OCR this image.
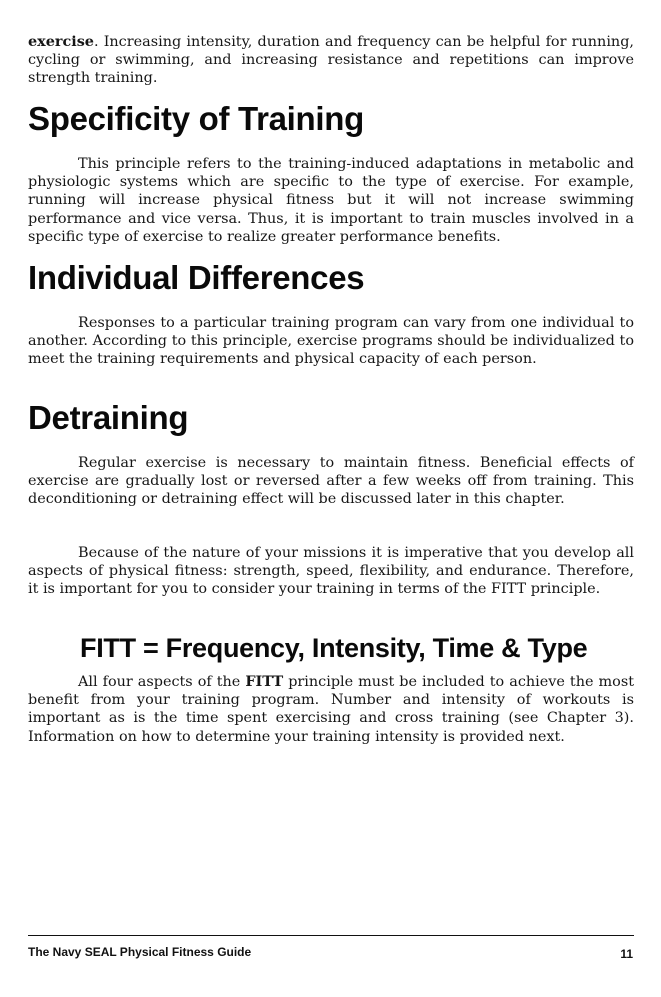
exercise. Increasing intensity, duration and frequency can be helpful for running, cycling or swimming, and increasing resistance and repetitions can improve strength training.

Specificity of Training

This principle refers to the training-induced adaptations in metabolic and physiologic systems which are specific to the type of exercise. For example, running will increase physical fitness but it will not increase swimming performance and vice versa. Thus, it is important to train muscles involved in a specific type of exercise to realize greater performance benefits.

Individual Differences

Responses to a particular training program can vary from one individual to another. According to this principle, exercise programs should be individualized to meet the training requirements and physical capacity of each person.

Detraining

Regular exercise is necessary to maintain fitness. Beneficial effects of exercise are gradually lost or reversed after a few weeks off from training. This deconditioning or detraining effect will be discussed later in this chapter.

Because of the nature of your missions it is imperative that you develop all aspects of physical fitness: strength, speed, flexibility, and endurance. Therefore, it is important for you to consider your training in terms of the FITT principle.

FITT = Frequency, Intensity, Time & Type

All four aspects of the FITT principle must be included to achieve the most benefit from your training program. Number and intensity of workouts is important as is the time spent exercising and cross training (see Chapter 3). Information on how to determine your training intensity is provided next.

The Navy SEAL Physical Fitness Guide	11
